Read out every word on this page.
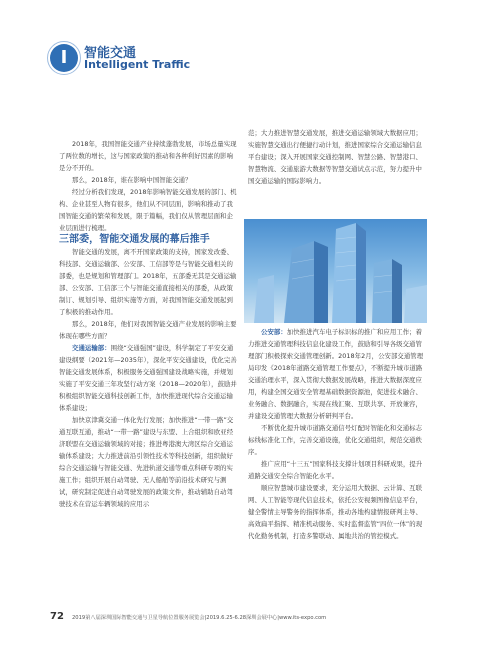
I	智能交通
Intelligent Traffic

2018年，我国智能交通产业持续蓬勃发展，市场总量实现了两位数的增长，这与国家政策的推动和各种利好因素的影响是分不开的。

那么，2018年，谁在影响中国智能交通？

经过分析我们发现，2018年影响智能交通发展的部门、机构、企业甚至人物有很多，他们从不同层面，影响和推动了我国智能交通的繁荣和发展，限于篇幅，我们仅从管理层面和企业层面进行梳理。

三部委，智能交通发展的幕后推手

智能交通的发展，离不开国家政策的支持，国家发改委、科技部、交通运输部、公安部、工信部等是与智能交通相关的部委，也是规划和管理部门。2018年，五部委无其是交通运输部、公安部、工信部三个与智能交通直接相关的部委，从政策制订、规划引导、组织实施等方面，对我国智能交通发展起到了积极的推动作用。

那么，2018年，他们对我国智能交通产业发展的影响主要体现在哪些方面？

交通运输部：围绕“交通强国”建设，科学制定了平安交通建设纲要（2021年—2035年），深化平安交通建设，优化完善智能交通发展体系，积极服务交通强国建设战略实施，并规划实施了平安交通三年攻坚行动方案（2018—2020年），鼓励并积极组织智能交通科技创新工作，加快推进现代综合交通运输体系建设；

加快京津冀交通一体化先行发展；加快推进“一带一路”交通互联互通，推动“一带一路”建设与东盟、上合组织和欧亚经济联盟在交通运输领域的对接；推进粤港澳大湾区综合交通运输体系建设；大力推进前沿引领性技术等科技创新，组织做好综合交通运输与智能交通、先进轨道交通等重点科研专项的实施工作；组织开展自动驾驶、无人船舶等前沿技术研究与测试，研究制定促进自动驾驶发展的政策文件，推动辅助自动驾驶技术在营运车辆领域的应用示

范；大力推进智慧交通发展，推进交通运输领域大数据应用；实施智慧交通出行便捷行动计划，推进国家综合交通运输信息平台建设；深入开展国家交通控制网、智慧公路、智慧港口、智慧物流、交通旅游大数据等智慧交通试点示范，努力提升中国交通运输的国际影响力。

公安部：加快推进汽车电子标识标的推广和应用工作；着力推进交通管理科技信息化建设工作，鼓励和引导各级交通管理部门积极探索交通管理创新。2018年2月，公安部交通管理局印发《2018年道路交通管理工作要点》，不断提升城市道路交通治理水平，深入贯彻大数据发展战略，推进大数据深度应用，构建全国交通安全管理基础数据资源池，促进技术融合、业务融合、数据融合，实现在线汇聚、互联共享、开放兼容，并建设交通管理大数据分析研判平台。

不断优化提升城市道路交通信号灯配时智能化和交通标志标线标准化工作，完善交通设施，优化交通组织，规范交通秩序。

推广应用“十三五”国家科技支撑计划项目科研成果，提升道路交通安全综合智能化水平。

顺应智慧城市建设要求，充分运用大数据、云计算、互联网、人工智能等现代信息技术，依托公安视频图像信息平台，健全警情主导警务的指挥体系，推动各地构建情报研判主导、高效扁平指挥、精准机动服务、实时监督监管“四位一体”的现代化勤务机制，打造多警联动、属地共治的管控模式。

72 2019第八届深圳国际智能交通与卫星导航位置服务展览会|2019.6.25-6.28深圳会展中心|www.its-expo.com
